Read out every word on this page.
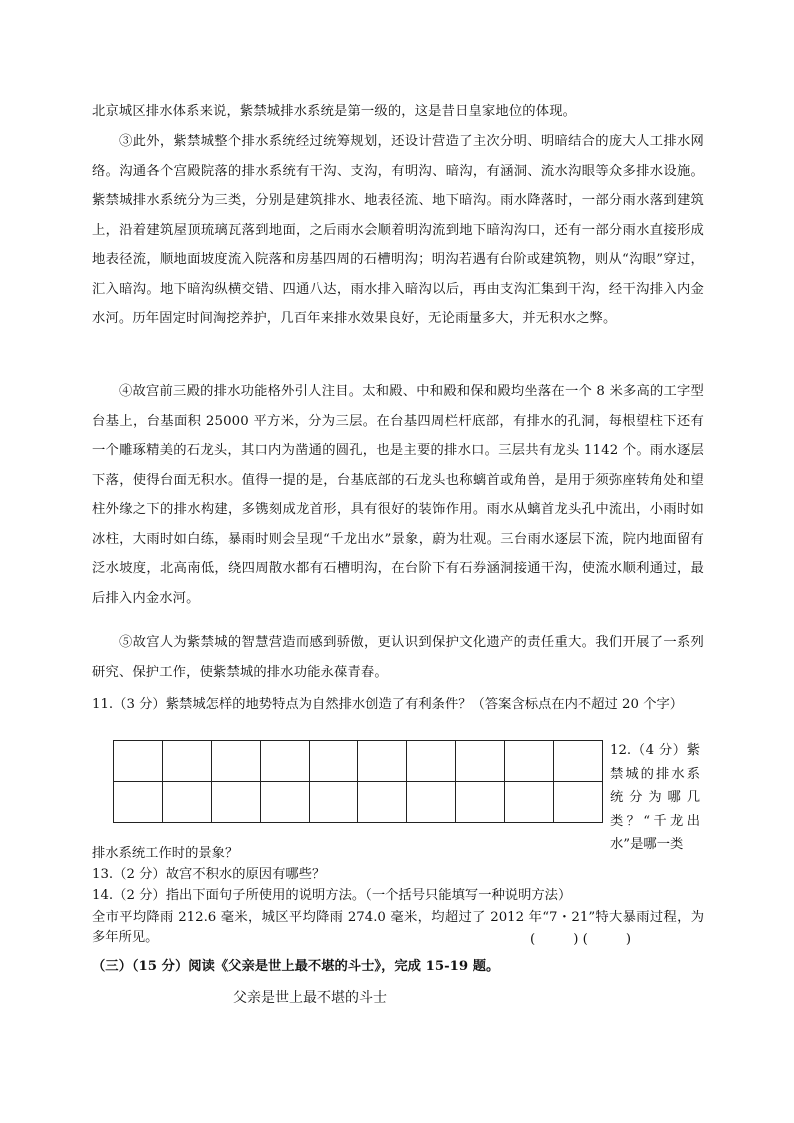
北京城区排水体系来说，紫禁城排水系统是第一级的，这是昔日皇家地位的体现。

③此外，紫禁城整个排水系统经过统筹规划，还设计营造了主次分明、明暗结合的庞大人工排水网络。沟通各个宫殿院落的排水系统有干沟、支沟，有明沟、暗沟，有涵洞、流水沟眼等众多排水设施。紫禁城排水系统分为三类，分别是建筑排水、地表径流、地下暗沟。雨水降落时，一部分雨水落到建筑上，沿着建筑屋顶琉璃瓦落到地面，之后雨水会顺着明沟流到地下暗沟沟口，还有一部分雨水直接形成地表径流，顺地面坡度流入院落和房基四周的石槽明沟；明沟若遇有台阶或建筑物，则从“沟眼”穿过，汇入暗沟。地下暗沟纵横交错、四通八达，雨水排入暗沟以后，再由支沟汇集到干沟，经干沟排入内金水河。历年固定时间淘挖养护，几百年来排水效果良好，无论雨量多大，并无积水之弊。

④故宫前三殿的排水功能格外引人注目。太和殿、中和殿和保和殿均坐落在一个 8 米多高的工字型台基上，台基面积 25000 平方米，分为三层。在台基四周栏杆底部，有排水的孔洞，每根望柱下还有一个雕琢精美的石龙头，其口内为凿通的圆孔，也是主要的排水口。三层共有龙头 1142 个。雨水逐层下落，使得台面无积水。值得一提的是，台基底部的石龙头也称螭首或角兽，是用于须弥座转角处和望柱外缘之下的排水构建，多镌刻成龙首形，具有很好的装饰作用。雨水从螭首龙头孔中流出，小雨时如冰柱，大雨时如白练，暴雨时则会呈现“千龙出水”景象，蔚为壮观。三台雨水逐层下流，院内地面留有泛水坡度，北高南低，绕四周散水都有石槽明沟，在台阶下有石券涵洞接通干沟，使流水顺利通过，最后排入内金水河。

⑤故宫人为紫禁城的智慧营造而感到骄傲，更认识到保护文化遗产的责任重大。我们开展了一系列研究、保护工作，使紫禁城的排水功能永葆青春。

11.（3 分）紫禁城怎样的地势特点为自然排水创造了有利条件？（答案含标点在内不超过 20 个字）

12.（4 分）紫禁城的排水系统分为哪几类？“千龙出水”是哪一类

排水系统工作时的景象？

13.（2 分）故宫不积水的原因有哪些？

14.（2 分）指出下面句子所使用的说明方法。（一个括号只能填写一种说明方法）

全市平均降雨 212.6 毫米，城区平均降雨 274.0 毫米，均超过了 2012 年“7・21”特大暴雨过程，为多年所见。	(         ) (         )

（三）（15 分）阅读《父亲是世上最不堪的斗士》，完成 15-19 题。

父亲是世上最不堪的斗士
